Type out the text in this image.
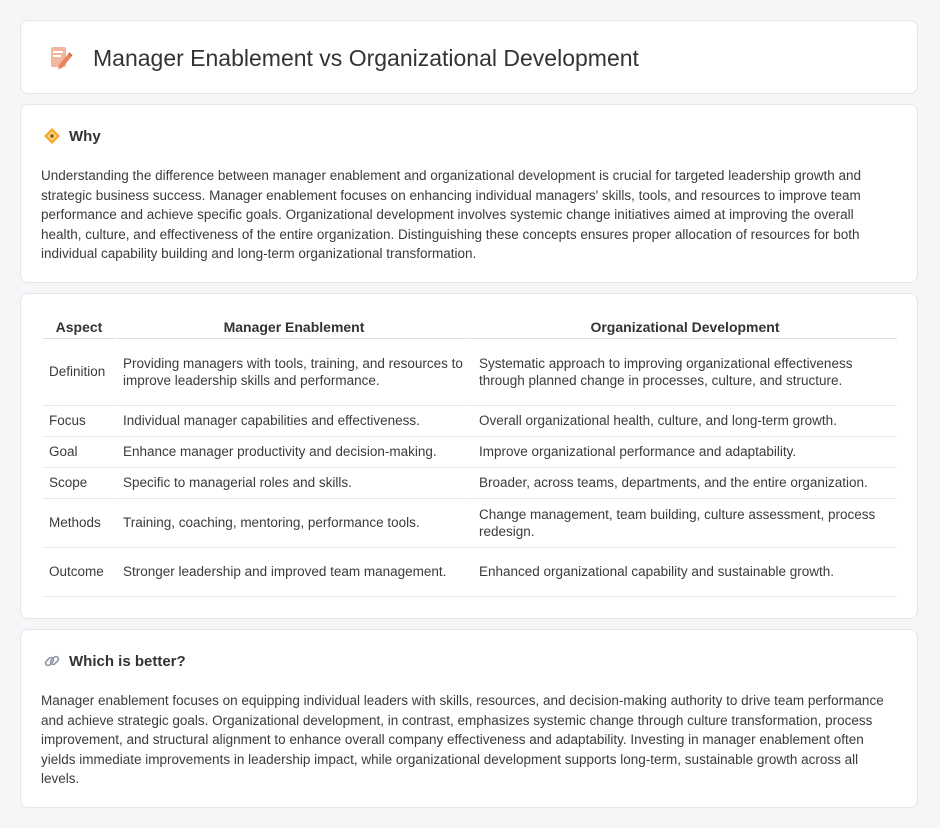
Manager Enablement vs Organizational Development
Why

Understanding the difference between manager enablement and organizational development is crucial for targeted leadership growth and strategic business success. Manager enablement focuses on enhancing individual managers' skills, tools, and resources to improve team performance and achieve specific goals. Organizational development involves systemic change initiatives aimed at improving the overall health, culture, and effectiveness of the entire organization. Distinguishing these concepts ensures proper allocation of resources for both individual capability building and long-term organizational transformation.

Aspect	Manager Enablement	Organizational Development
Definition	Providing managers with tools, training, and resources to improve leadership skills and performance.	Systematic approach to improving organizational effectiveness through planned change in processes, culture, and structure.
Focus	Individual manager capabilities and effectiveness.	Overall organizational health, culture, and long-term growth.
Goal	Enhance manager productivity and decision-making.	Improve organizational performance and adaptability.
Scope	Specific to managerial roles and skills.	Broader, across teams, departments, and the entire organization.
Methods	Training, coaching, mentoring, performance tools.	Change management, team building, culture assessment, process redesign.
Outcome	Stronger leadership and improved team management.	Enhanced organizational capability and sustainable growth.
Which is better?

Manager enablement focuses on equipping individual leaders with skills, resources, and decision-making authority to drive team performance and achieve strategic goals. Organizational development, in contrast, emphasizes systemic change through culture transformation, process improvement, and structural alignment to enhance overall company effectiveness and adaptability. Investing in manager enablement often yields immediate improvements in leadership impact, while organizational development supports long-term, sustainable growth across all levels.
